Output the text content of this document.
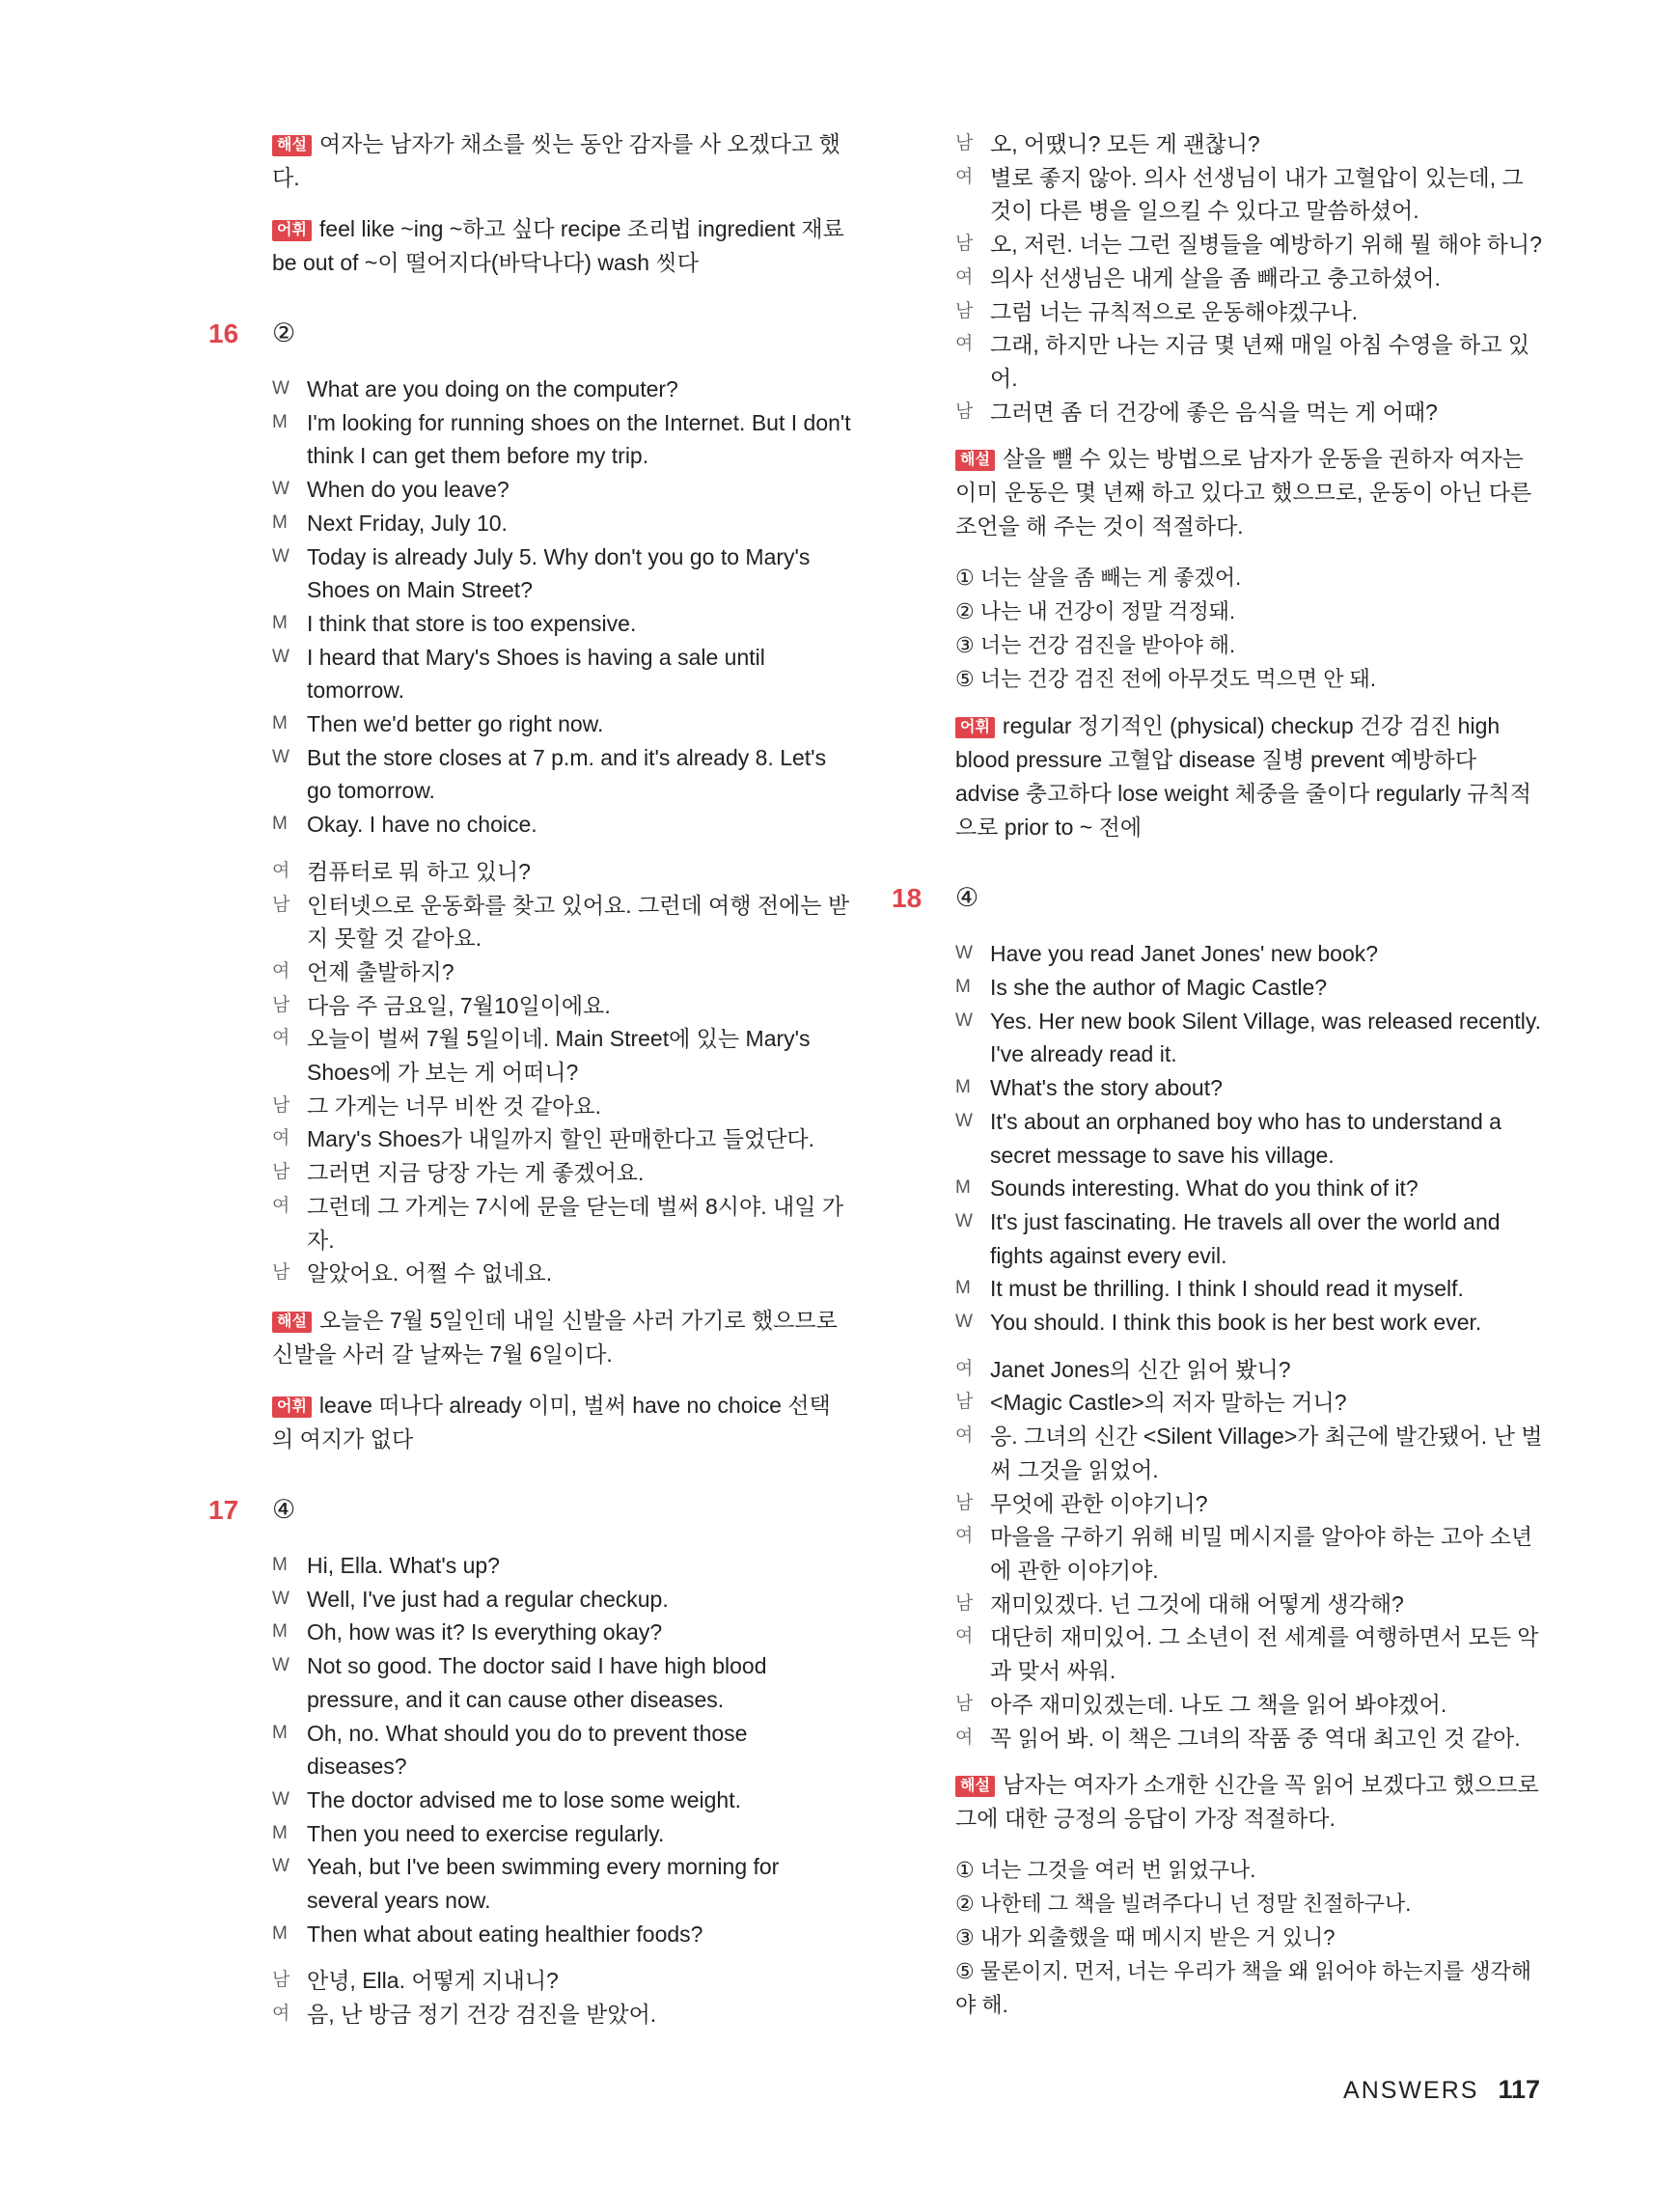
해설 여자는 남자가 채소를 씻는 동안 감자를 사 오겠다고 했다.
어휘 feel like ~ing ~하고 싶다 recipe 조리법 ingredient 재료 be out of ~이 떨어지다(바닥나다) wash 씻다
16 ②
W What are you doing on the computer?
M I'm looking for running shoes on the Internet. But I don't think I can get them before my trip.
W When do you leave?
M Next Friday, July 10.
W Today is already July 5. Why don't you go to Mary's Shoes on Main Street?
M I think that store is too expensive.
W I heard that Mary's Shoes is having a sale until tomorrow.
M Then we'd better go right now.
W But the store closes at 7 p.m. and it's already 8. Let's go tomorrow.
M Okay. I have no choice.
여 컴퓨터로 뭐 하고 있니?
남 인터넷으로 운동화를 찾고 있어요. 그런데 여행 전에는 받지 못할 것 같아요.
여 언제 출발하지?
남 다음 주 금요일, 7월10일이에요.
여 오늘이 벌써 7월 5일이네. Main Street에 있는 Mary's Shoes에 가 보는 게 어떠니?
남 그 가게는 너무 비싼 것 같아요.
여 Mary's Shoes가 내일까지 할인 판매한다고 들었단다.
남 그러면 지금 당장 가는 게 좋겠어요.
여 그런데 그 가게는 7시에 문을 닫는데 벌써 8시야. 내일 가자.
남 알았어요. 어쩔 수 없네요.
해설 오늘은 7월 5일인데 내일 신발을 사러 가기로 했으므로 신발을 사러 갈 날짜는 7월 6일이다.
어휘 leave 떠나다 already 이미, 벌써 have no choice 선택의 여지가 없다
17 ④
M Hi, Ella. What's up?
W Well, I've just had a regular checkup.
M Oh, how was it? Is everything okay?
W Not so good. The doctor said I have high blood pressure, and it can cause other diseases.
M Oh, no. What should you do to prevent those diseases?
W The doctor advised me to lose some weight.
M Then you need to exercise regularly.
W Yeah, but I've been swimming every morning for several years now.
M Then what about eating healthier foods?
남 안녕, Ella. 어떻게 지내니?
여 음, 난 방금 정기 건강 검진을 받았어.
남 오, 어땠니? 모든 게 괜찮니?
여 별로 좋지 않아. 의사 선생님이 내가 고혈압이 있는데, 그것이 다른 병을 일으킬 수 있다고 말씀하셨어.
남 오, 저런. 너는 그런 질병들을 예방하기 위해 뭘 해야 하니?
여 의사 선생님은 내게 살을 좀 빼라고 충고하셨어.
남 그럼 너는 규칙적으로 운동해야겠구나.
여 그래, 하지만 나는 지금 몇 년째 매일 아침 수영을 하고 있어.
남 그러면 좀 더 건강에 좋은 음식을 먹는 게 어때?
해설 살을 뺄 수 있는 방법으로 남자가 운동을 권하자 여자는 이미 운동은 몇 년째 하고 있다고 했으므로, 운동이 아닌 다른 조언을 해 주는 것이 적절하다.
① 너는 살을 좀 빼는 게 좋겠어.
② 나는 내 건강이 정말 걱정돼.
③ 너는 건강 검진을 받아야 해.
⑤ 너는 건강 검진 전에 아무것도 먹으면 안 돼.
어휘 regular 정기적인 (physical) checkup 건강 검진 high blood pressure 고혈압 disease 질병 prevent 예방하다 advise 충고하다 lose weight 체중을 줄이다 regularly 규칙적으로 prior to ~ 전에
18 ④
W Have you read Janet Jones' new book?
M Is she the author of Magic Castle?
W Yes. Her new book Silent Village, was released recently. I've already read it.
M What's the story about?
W It's about an orphaned boy who has to understand a secret message to save his village.
M Sounds interesting. What do you think of it?
W It's just fascinating. He travels all over the world and fights against every evil.
M It must be thrilling. I think I should read it myself.
W You should. I think this book is her best work ever.
여 Janet Jones의 신간 읽어 봤니?
남 <Magic Castle>의 저자 말하는 거니?
여 응. 그녀의 신간 <Silent Village>가 최근에 발간됐어. 난 벌써 그것을 읽었어.
남 무엇에 관한 이야기니?
여 마을을 구하기 위해 비밀 메시지를 알아야 하는 고아 소년에 관한 이야기야.
남 재미있겠다. 넌 그것에 대해 어떻게 생각해?
여 대단히 재미있어. 그 소년이 전 세계를 여행하면서 모든 악과 맞서 싸워.
남 아주 재미있겠는데. 나도 그 책을 읽어 봐야겠어.
여 꼭 읽어 봐. 이 책은 그녀의 작품 중 역대 최고인 것 같아.
해설 남자는 여자가 소개한 신간을 꼭 읽어 보겠다고 했으므로 그에 대한 긍정의 응답이 가장 적절하다.
① 너는 그것을 여러 번 읽었구나.
② 나한테 그 책을 빌려주다니 넌 정말 친절하구나.
③ 내가 외출했을 때 메시지 받은 거 있니?
⑤ 물론이지. 먼저, 너는 우리가 책을 왜 읽어야 하는지를 생각해야 해.
ANSWERS 117
